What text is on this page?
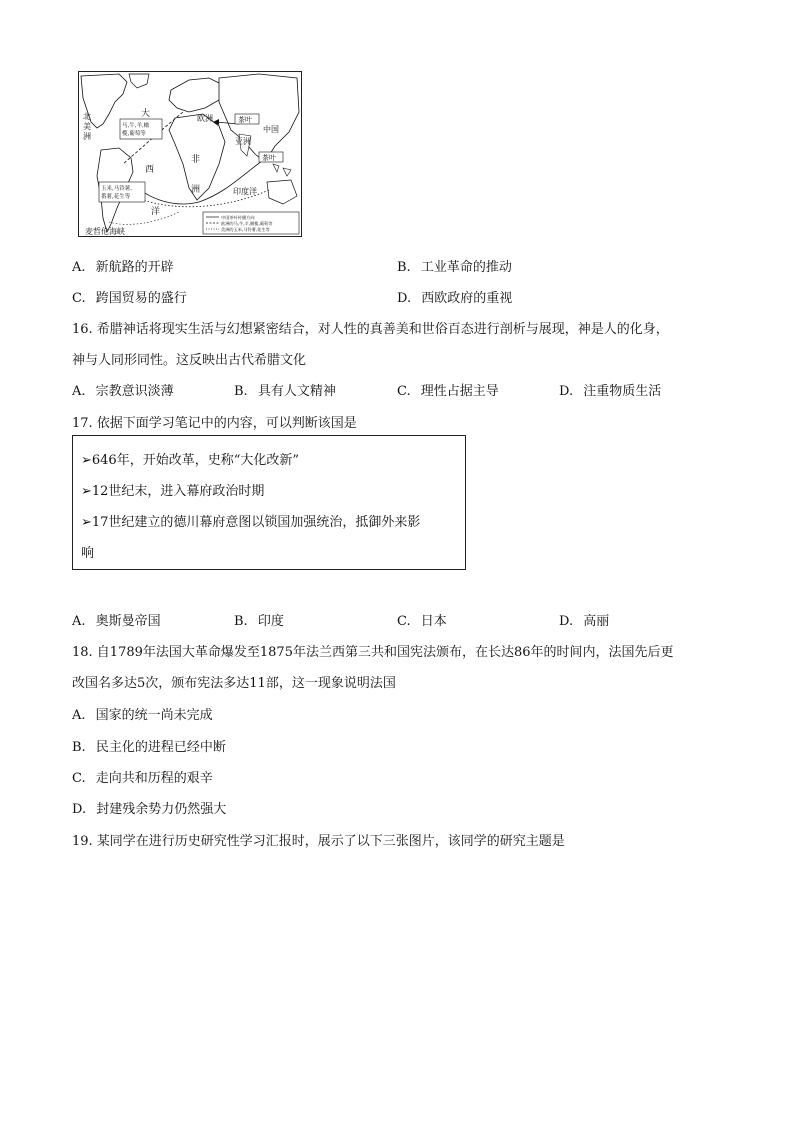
北
美
洲
大
西
洋
欧洲
非
洲
亚洲
中国
印度洋
麦哲伦海峡
茶叶
茶叶
马,牛,羊,橄
榄,葡萄等
玉米,马铃薯,
番薯,花生等
中国茶叶传播方向
欧洲的马,牛,羊,橄榄,葡萄等
美洲的玉米,马铃薯,花生等
A. 新航路的开辟	B. 工业革命的推动
C. 跨国贸易的盛行	D. 西欧政府的重视
16. 希腊神话将现实生活与幻想紧密结合，对人性的真善美和世俗百态进行剖析与展现，神是人的化身，
神与人同形同性。这反映出古代希腊文化
A. 宗教意识淡薄	B. 具有人文精神	C. 理性占据主导	D. 注重物质生活
17. 依据下面学习笔记中的内容，可以判断该国是
➢646年，开始改革，史称“大化改新”
➢12世纪末，进入幕府政治时期
➢17世纪建立的德川幕府意图以锁国加强统治，抵御外来影
响
A. 奥斯曼帝国	B. 印度	C. 日本	D. 高丽
18. 自1789年法国大革命爆发至1875年法兰西第三共和国宪法颁布，在长达86年的时间内，法国先后更
改国名多达5次，颁布宪法多达11部，这一现象说明法国
A. 国家的统一尚未完成
B. 民主化的进程已经中断
C. 走向共和历程的艰辛
D. 封建残余势力仍然强大
19. 某同学在进行历史研究性学习汇报时，展示了以下三张图片，该同学的研究主题是
